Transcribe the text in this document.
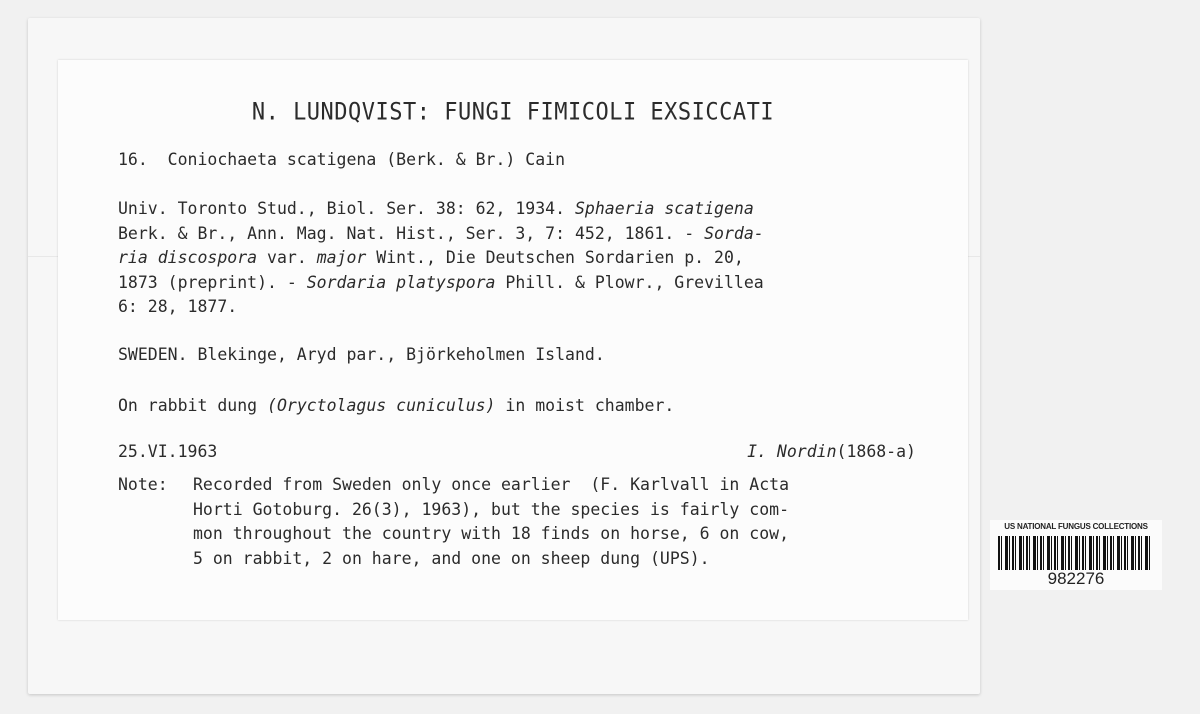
N. LUNDQVIST: FUNGI FIMICOLI EXSICCATI
16.  Coniochaeta scatigena (Berk. & Br.) Cain
Univ. Toronto Stud., Biol. Ser. 38: 62, 1934. Sphaeria scatigena
Berk. & Br., Ann. Mag. Nat. Hist., Ser. 3, 7: 452, 1861. - Sorda-
ria discospora var. major Wint., Die Deutschen Sordarien p. 20,
1873 (preprint). - Sordaria platyspora Phill. & Plowr., Grevillea
6: 28, 1877.
SWEDEN. Blekinge, Aryd par., Björkeholmen Island.
On rabbit dung (Oryctolagus cuniculus) in moist chamber.
25.VI.1963	I. Nordin(1868-a)
Note: Recorded from Sweden only once earlier  (F. Karlvall in Acta
Horti Gotoburg. 26(3), 1963), but the species is fairly com-
mon throughout the country with 18 finds on horse, 6 on cow,
5 on rabbit, 2 on hare, and one on sheep dung (UPS).
US NATIONAL FUNGUS COLLECTIONS
982276
